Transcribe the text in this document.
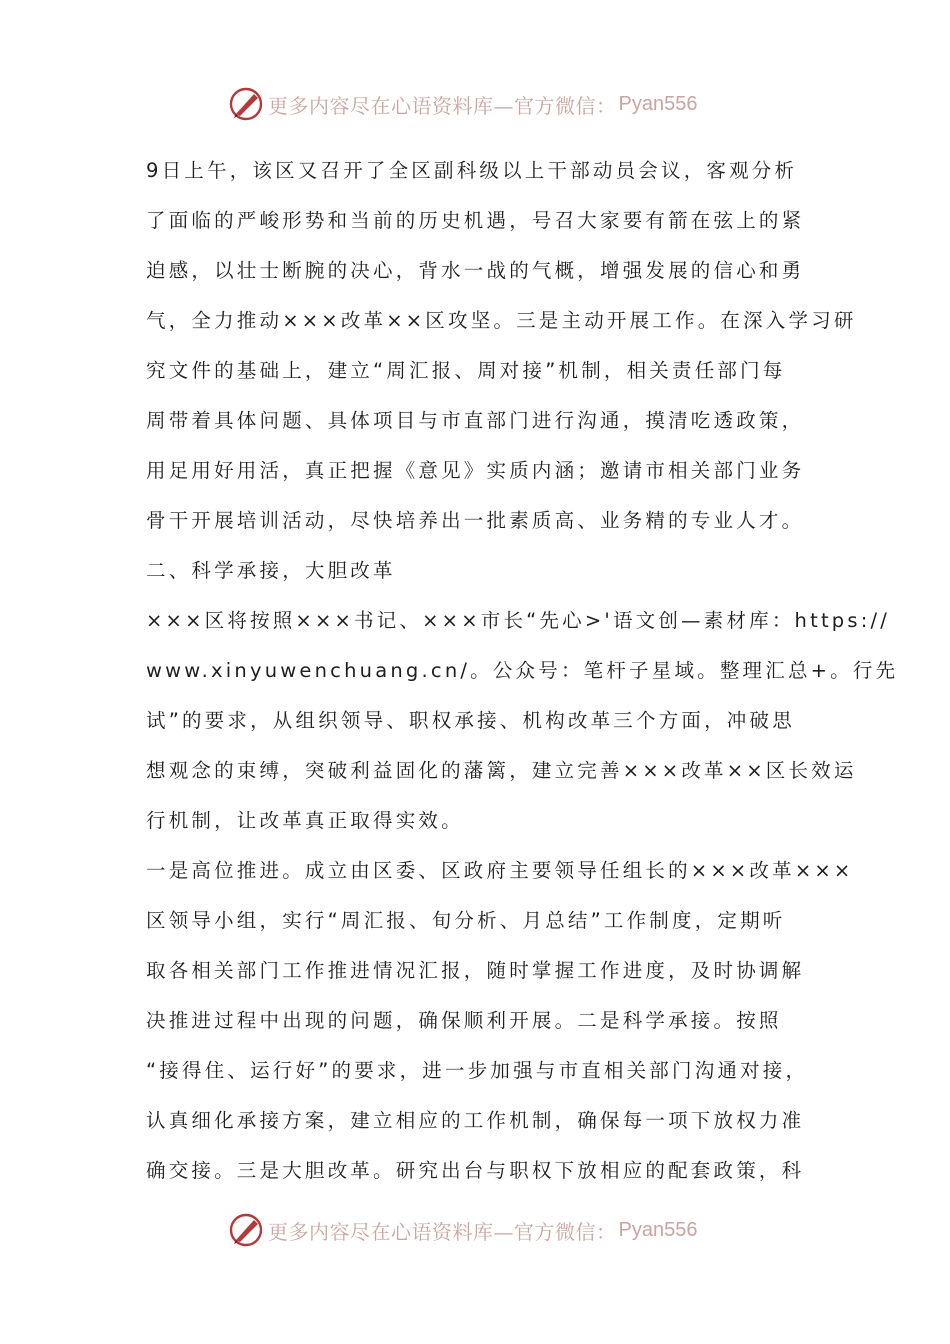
更多内容尽在心语资料库—官方微信： Pyan556
9日上午，该区又召开了全区副科级以上干部动员会议，客观分析
了面临的严峻形势和当前的历史机遇，号召大家要有箭在弦上的紧
迫感，以壮士断腕的决心，背水一战的气概，增强发展的信心和勇
气，全力推动×××改革××区攻坚。三是主动开展工作。在深入学习研
究文件的基础上，建立“周汇报、周对接”机制，相关责任部门每
周带着具体问题、具体项目与市直部门进行沟通，摸清吃透政策，
用足用好用活，真正把握《意见》实质内涵；邀请市相关部门业务
骨干开展培训活动，尽快培养出一批素质高、业务精的专业人才。
二、科学承接，大胆改革
×××区将按照×××书记、×××市长“先心>'语文创—素材库：https://
www.xinyuwenchuang.cn/。公众号：笔杆子星域。整理汇总+。行先
试”的要求，从组织领导、职权承接、机构改革三个方面，冲破思
想观念的束缚，突破利益固化的藩篱，建立完善×××改革××区长效运
行机制，让改革真正取得实效。
一是高位推进。成立由区委、区政府主要领导任组长的×××改革×××
区领导小组，实行“周汇报、旬分析、月总结”工作制度，定期听
取各相关部门工作推进情况汇报，随时掌握工作进度，及时协调解
决推进过程中出现的问题，确保顺利开展。二是科学承接。按照
“接得住、运行好”的要求，进一步加强与市直相关部门沟通对接，
认真细化承接方案，建立相应的工作机制，确保每一项下放权力准
确交接。三是大胆改革。研究出台与职权下放相应的配套政策，科
更多内容尽在心语资料库—官方微信： Pyan556
